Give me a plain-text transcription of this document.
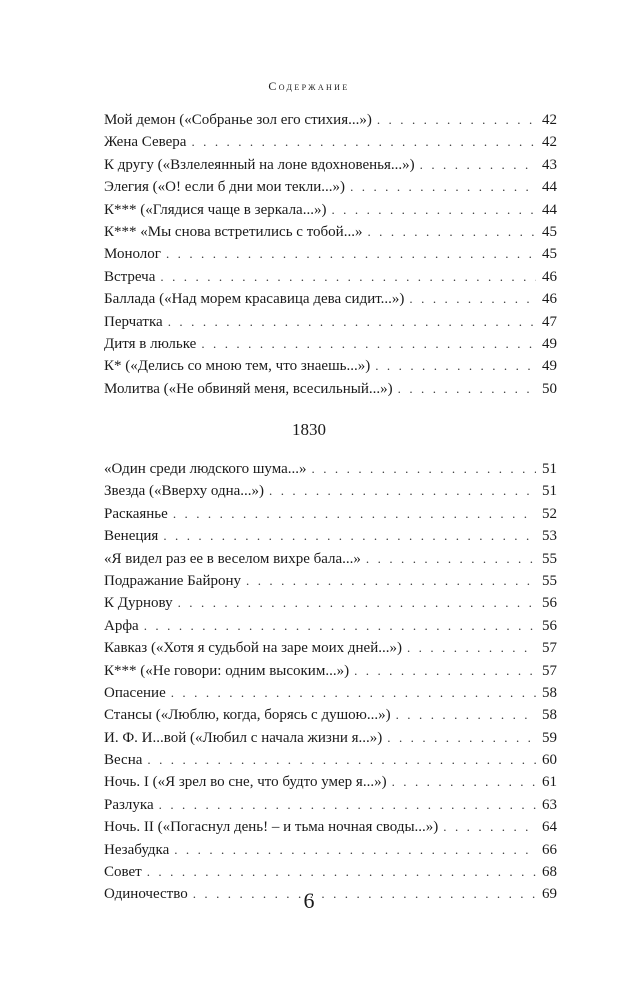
Содержание
Мой демон («Собранье зол его стихия...») . . .	42
Жена Севера . . .	42
К другу («Взлелеянный на лоне вдохновенья...») . . .	43
Элегия («О! если б дни мои текли...») . . .	44
К*** («Глядися чаще в зеркала...») . . .	44
К*** «Мы снова встретились с тобой...» . . .	45
Монолог . . .	45
Встреча . . .	46
Баллада («Над морем красавица дева сидит...») . . .	46
Перчатка . . .	47
Дитя в люльке . . .	49
К* («Делись со мною тем, что знаешь...») . . .	49
Молитва («Не обвиняй меня, всесильный...») . . .	50
1830
«Один среди людского шума...» . . .	51
Звезда («Вверху одна...») . . .	51
Раскаянье . . .	52
Венеция . . .	53
«Я видел раз ее в веселом вихре бала...» . . .	55
Подражание Байрону . . .	55
К Дурнову . . .	56
Арфа . . .	56
Кавказ («Хотя я судьбой на заре моих дней...») . . .	57
К*** («Не говори: одним высоким...») . . .	57
Опасение . . .	58
Стансы («Люблю, когда, борясь с душою...») . . .	58
И. Ф. И...вой («Любил с начала жизни я...») . . .	59
Весна . . .	60
Ночь. I («Я зрел во сне, что будто умер я...») . . .	61
Разлука . . .	63
Ночь. II («Погаснул день! – и тьма ночная своды...») . . .	64
Незабудка . . .	66
Совет . . .	68
Одиночество . . .	69
6
